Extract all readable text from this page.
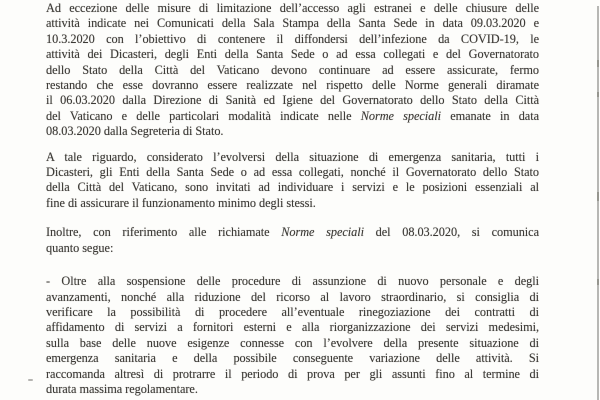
Ad eccezione delle misure di limitazione dell’accesso agli estranei e delle chiusure delle
attività indicate nei Comunicati della Sala Stampa della Santa Sede in data 09.03.2020 e
10.3.2020 con l’obiettivo di contenere il diffondersi dell’infezione da COVID-19, le
attività dei Dicasteri, degli Enti della Santa Sede o ad essa collegati e del Governatorato
dello Stato della Città del Vaticano devono continuare ad essere assicurate, fermo
restando che esse dovranno essere realizzate nel rispetto delle Norme generali diramate
il 06.03.2020 dalla Direzione di Sanità ed Igiene del Governatorato dello Stato della Città
del Vaticano e delle particolari modalità indicate nelle Norme speciali emanate in data
08.03.2020 dalla Segreteria di Stato.
A tale riguardo, considerato l’evolversi della situazione di emergenza sanitaria, tutti i
Dicasteri, gli Enti della Santa Sede o ad essa collegati, nonché il Governatorato dello Stato
della Città del Vaticano, sono invitati ad individuare i servizi e le posizioni essenziali al
fine di assicurare il funzionamento minimo degli stessi.
Inoltre, con riferimento alle richiamate Norme speciali del 08.03.2020, si comunica
quanto segue:
- Oltre alla sospensione delle procedure di assunzione di nuovo personale e degli
avanzamenti, nonché alla riduzione del ricorso al lavoro straordinario, si consiglia di
verificare la possibilità di procedere all’eventuale rinegoziazione dei contratti di
affidamento di servizi a fornitori esterni e alla riorganizzazione dei servizi medesimi,
sulla base delle nuove esigenze connesse con l’evolvere della presente situazione di
emergenza sanitaria e della possibile conseguente variazione delle attività. Si
raccomanda altresì di protrarre il periodo di prova per gli assunti fino al termine di
durata massima regolamentare.
